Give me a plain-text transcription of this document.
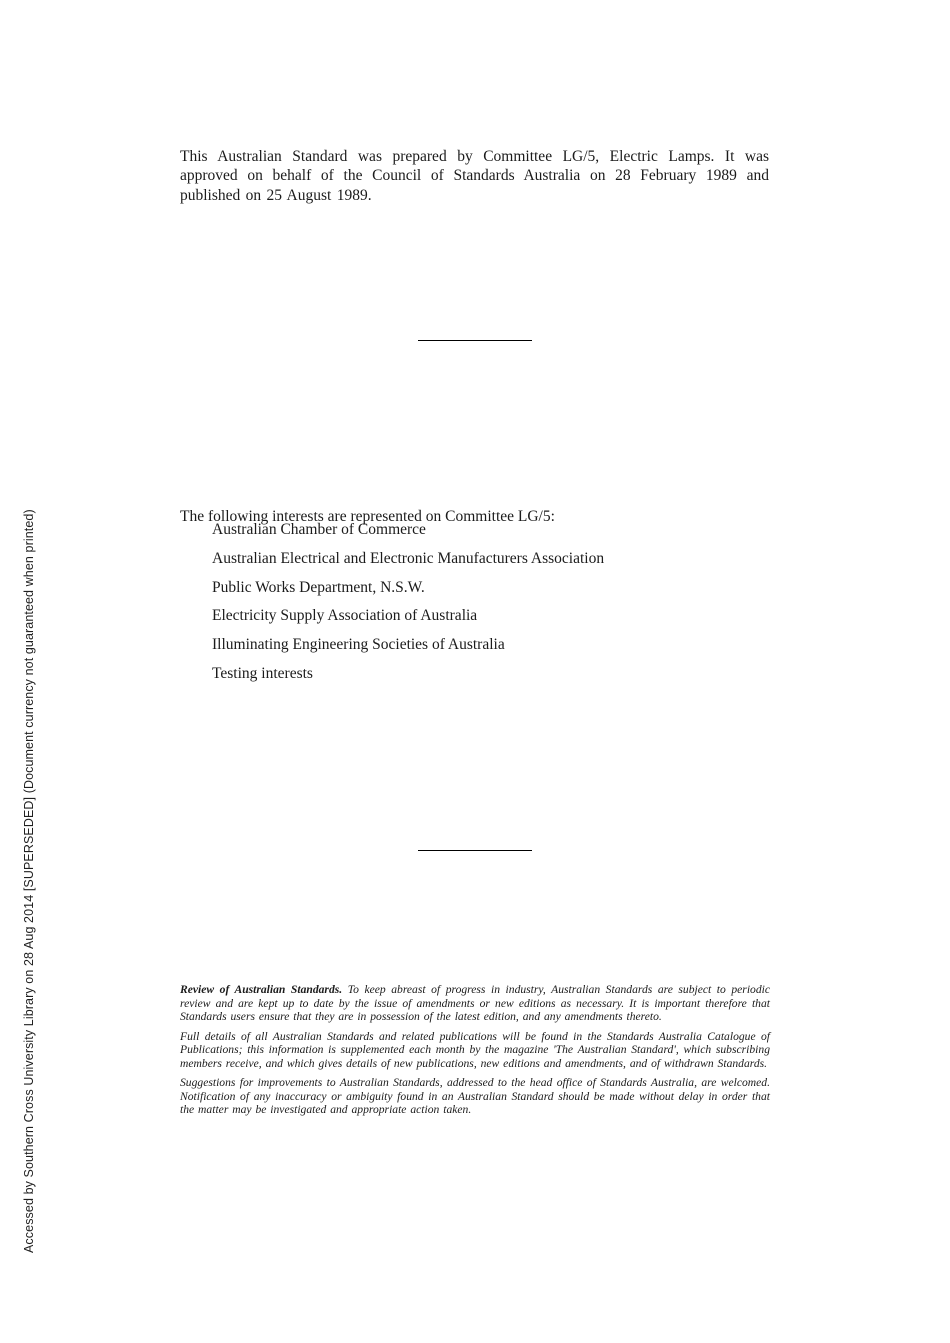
Accessed by Southern Cross University Library on 28 Aug 2014 [SUPERSEDED] (Document currency not guaranteed when printed)

This Australian Standard was prepared by Committee LG/5, Electric Lamps. It was approved on behalf of the Council of Standards Australia on 28 February 1989 and published on 25 August 1989.

The following interests are represented on Committee LG/5:

Australian Chamber of Commerce
Australian Electrical and Electronic Manufacturers Association
Public Works Department, N.S.W.
Electricity Supply Association of Australia
Illuminating Engineering Societies of Australia
Testing interests

Review of Australian Standards. To keep abreast of progress in industry, Australian Standards are subject to periodic review and are kept up to date by the issue of amendments or new editions as necessary. It is important therefore that Standards users ensure that they are in possession of the latest edition, and any amendments thereto.

Full details of all Australian Standards and related publications will be found in the Standards Australia Catalogue of Publications; this information is supplemented each month by the magazine 'The Australian Standard', which subscribing members receive, and which gives details of new publications, new editions and amendments, and of withdrawn Standards.

Suggestions for improvements to Australian Standards, addressed to the head office of Standards Australia, are welcomed. Notification of any inaccuracy or ambiguity found in an Australian Standard should be made without delay in order that the matter may be investigated and appropriate action taken.
